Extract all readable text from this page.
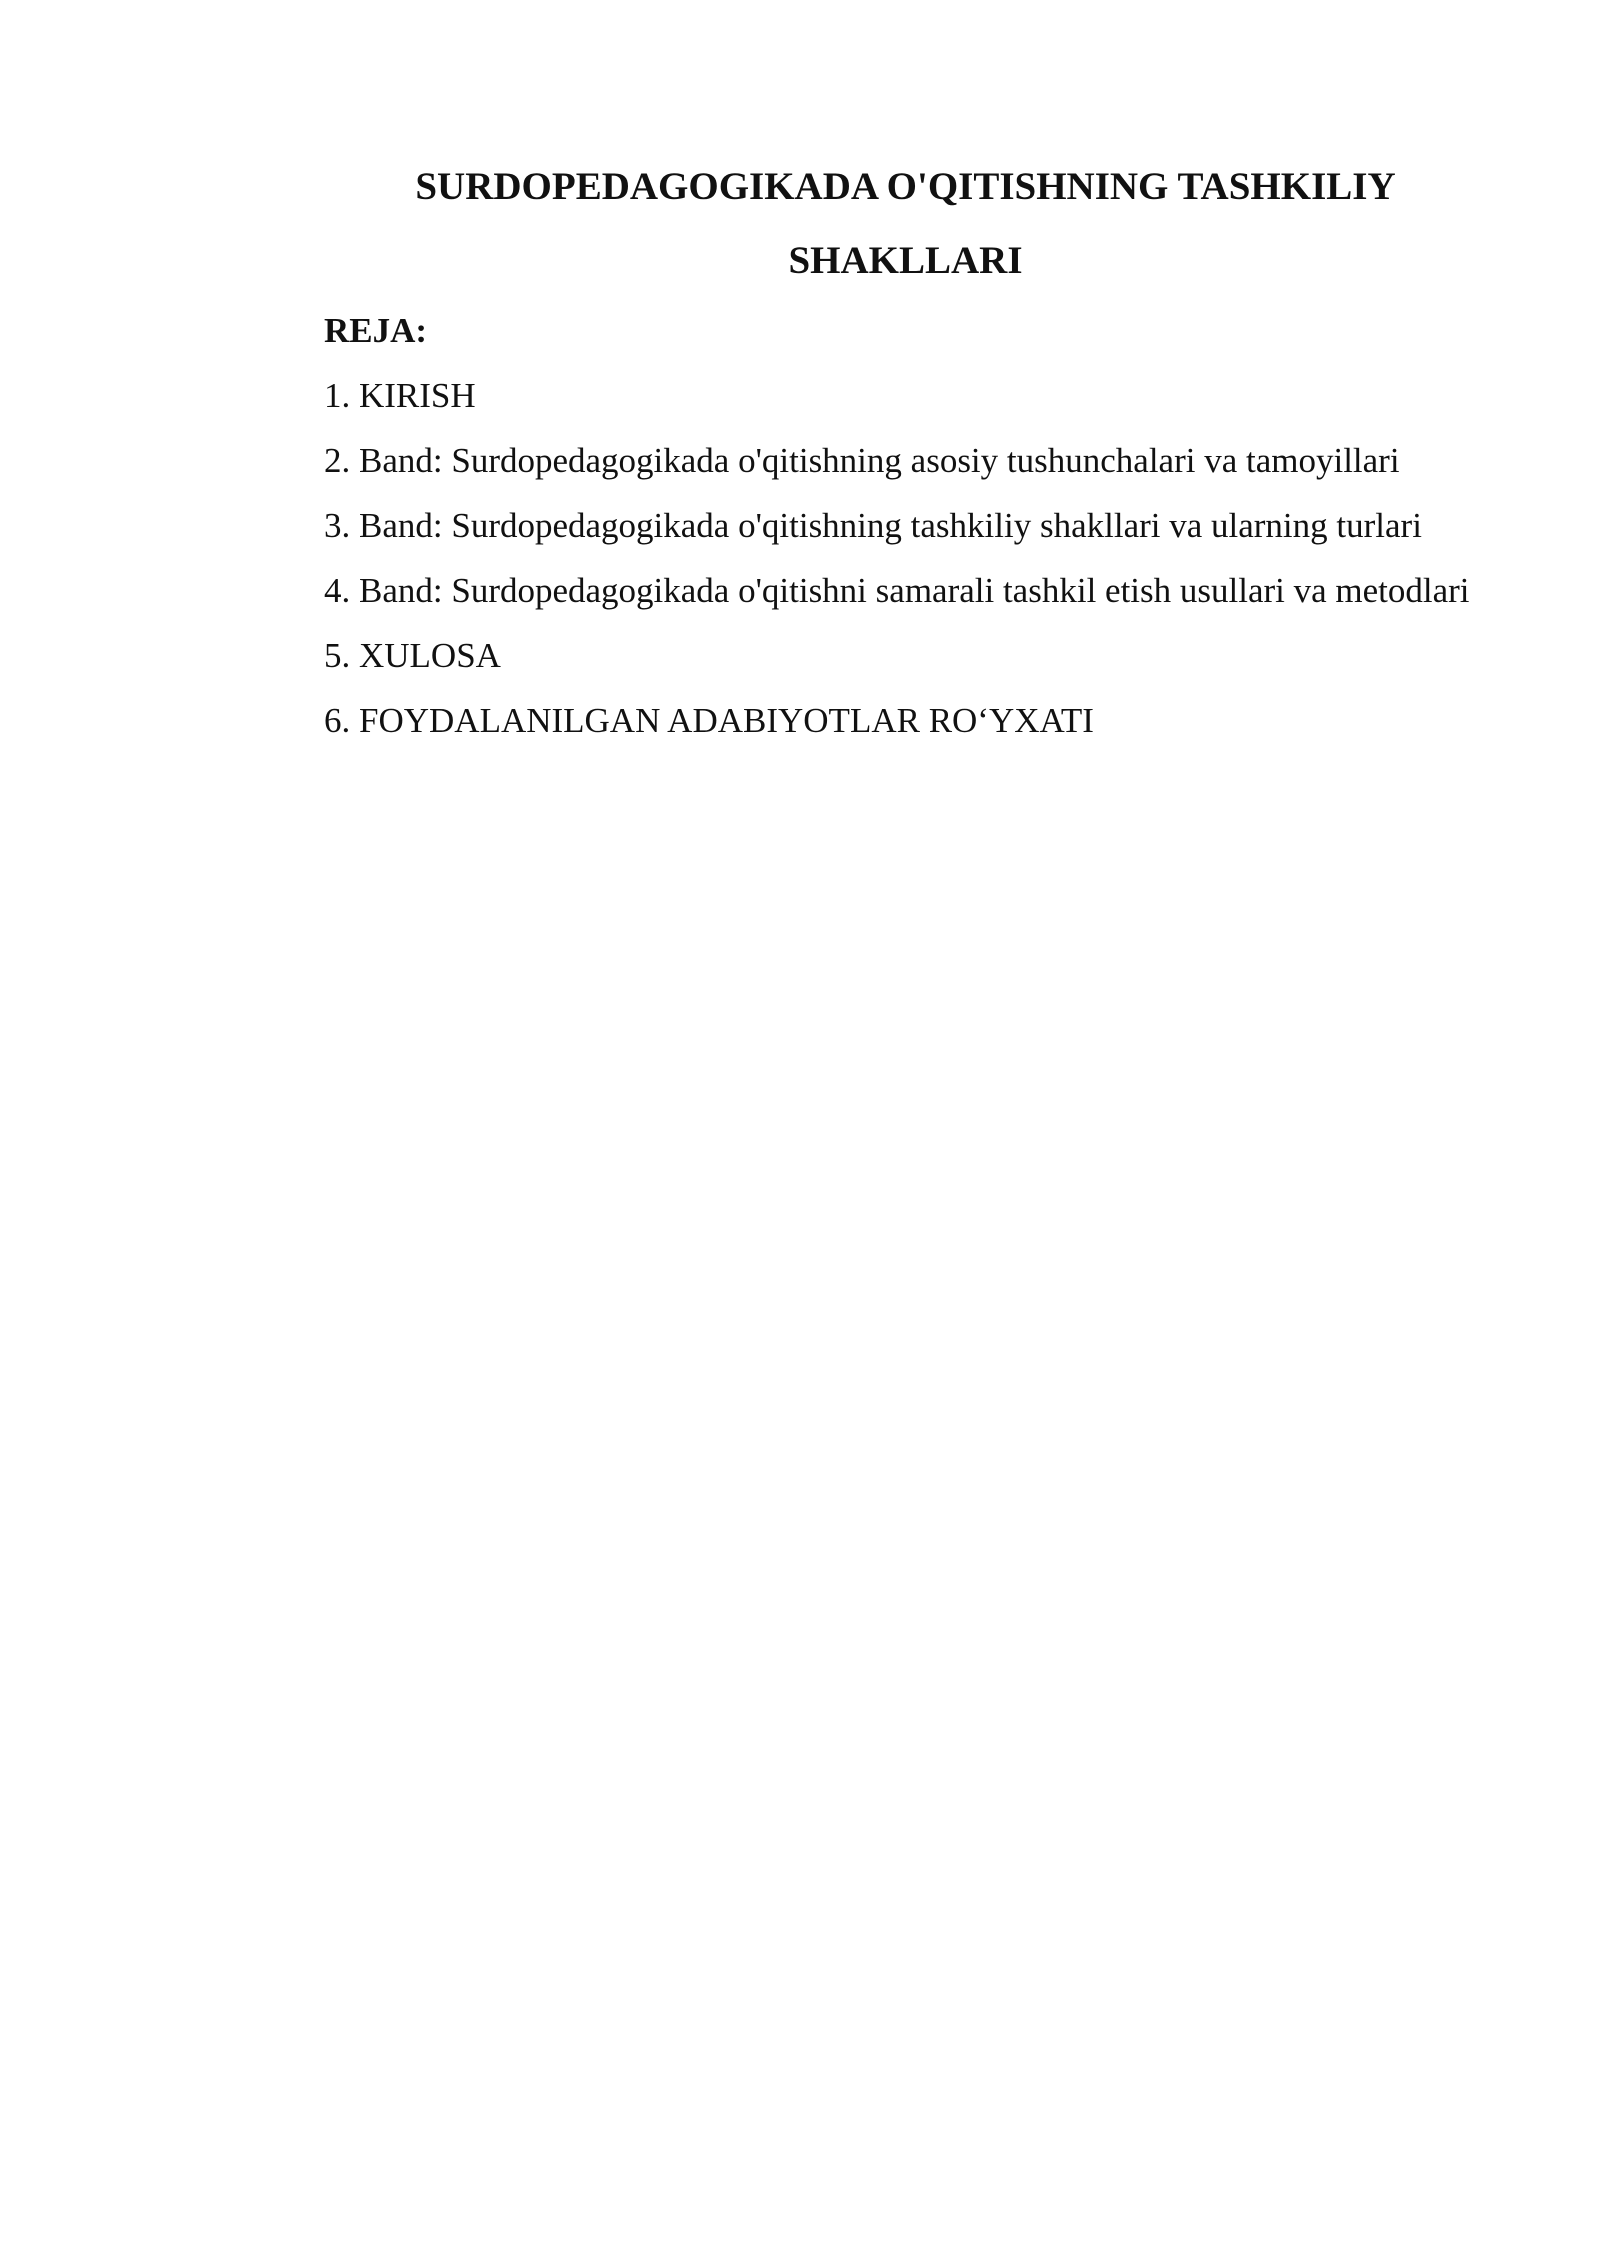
SURDOPEDAGOGIKADA O'QITISHNING TASHKILIY SHAKLLARI

REJA:

1. KIRISH
2. Band: Surdopedagogikada o'qitishning asosiy tushunchalari va tamoyillari
3. Band: Surdopedagogikada o'qitishning tashkiliy shakllari va ularning turlari
4. Band: Surdopedagogikada o'qitishni samarali tashkil etish usullari va metodlari
5. XULOSA
6. FOYDALANILGAN ADABIYOTLAR RO‘YXATI
